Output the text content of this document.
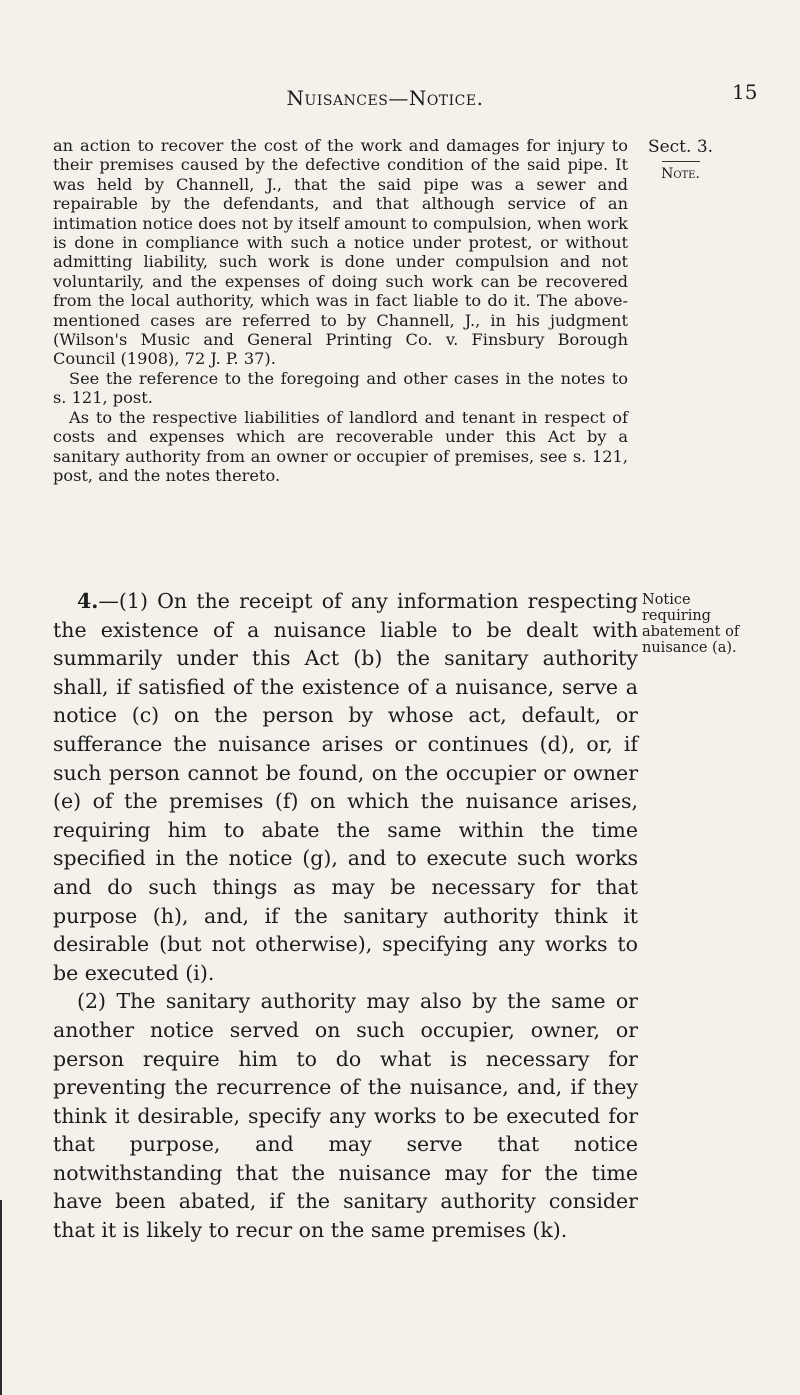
Nuisances—Notice.	15
Sect. 3.
Note.

an action to recover the cost of the work and damages for injury to their premises caused by the defective condition of the said pipe. It was held by Channell, J., that the said pipe was a sewer and repairable by the defendants, and that although service of an intimation notice does not by itself amount to compulsion, when work is done in compliance with such a notice under protest, or without admitting liability, such work is done under compulsion and not voluntarily, and the expenses of doing such work can be recovered from the local authority, which was in fact liable to do it. The above-mentioned cases are referred to by Channell, J., in his judgment (Wilson's Music and General Printing Co. v. Finsbury Borough Council (1908), 72 J. P. 37).

See the reference to the foregoing and other cases in the notes to s. 121, post.

As to the respective liabilities of landlord and tenant in respect of costs and expenses which are recoverable under this Act by a sanitary authority from an owner or occupier of premises, see s. 121, post, and the notes thereto.

4.—(1) On the receipt of any information respecting the existence of a nuisance liable to be dealt with summarily under this Act (b) the sanitary authority shall, if satisfied of the existence of a nuisance, serve a notice (c) on the person by whose act, default, or sufferance the nuisance arises or continues (d), or, if such person cannot be found, on the occupier or owner (e) of the premises (f) on which the nuisance arises, requiring him to abate the same within the time specified in the notice (g), and to execute such works and do such things as may be necessary for that purpose (h), and, if the sanitary authority think it desirable (but not otherwise), specifying any works to be executed (i).

(2) The sanitary authority may also by the same or another notice served on such occupier, owner, or person require him to do what is necessary for preventing the recurrence of the nuisance, and, if they think it desirable, specify any works to be executed for that purpose, and may serve that notice notwithstanding that the nuisance may for the time have been abated, if the sanitary authority consider that it is likely to recur on the same premises (k).

Notice
requiring
abatement of
nuisance (a).
